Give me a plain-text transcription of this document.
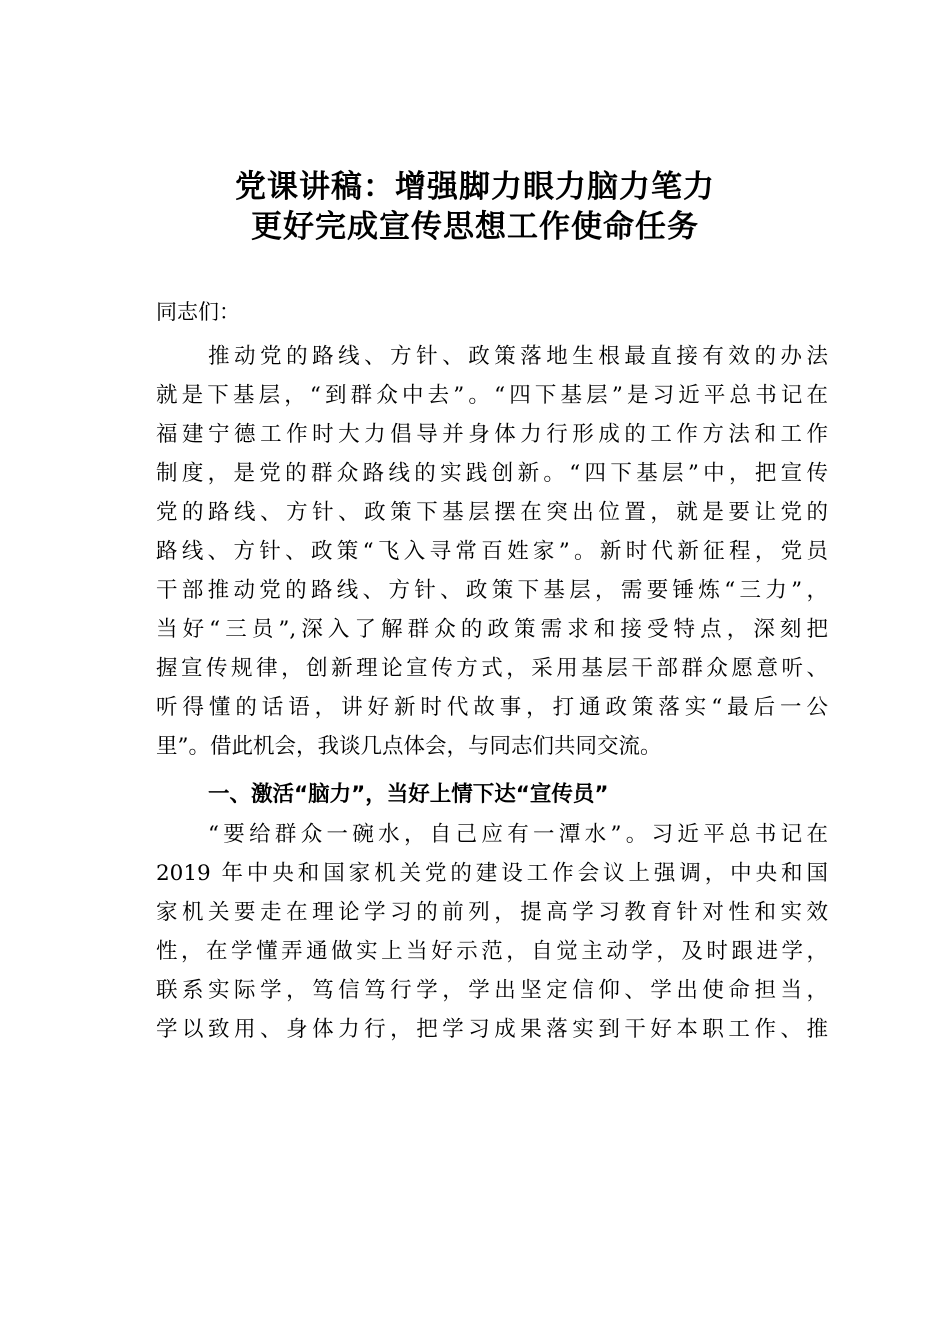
党课讲稿：增强脚力眼力脑力笔力
更好完成宣传思想工作使命任务
同志们：
推动党的路线、方针、政策落地生根最直接有效的办法
就是下基层，“到群众中去”。“四下基层”是习近平总书记在
福建宁德工作时大力倡导并身体力行形成的工作方法和工作
制度，是党的群众路线的实践创新。“四下基层”中，把宣传
党的路线、方针、政策下基层摆在突出位置，就是要让党的
路线、方针、政策“飞入寻常百姓家”。新时代新征程，党员
干部推动党的路线、方针、政策下基层，需要锤炼“三力”，
当好“三员”,深入了解群众的政策需求和接受特点，深刻把
握宣传规律，创新理论宣传方式，采用基层干部群众愿意听、
听得懂的话语，讲好新时代故事，打通政策落实“最后一公
里”。借此机会，我谈几点体会，与同志们共同交流。
一、激活“脑力”，当好上情下达“宣传员”
“要给群众一碗水，自己应有一潭水”。习近平总书记在
2019 年中央和国家机关党的建设工作会议上强调，中央和国
家机关要走在理论学习的前列，提高学习教育针对性和实效
性，在学懂弄通做实上当好示范，自觉主动学，及时跟进学，
联系实际学，笃信笃行学，学出坚定信仰、学出使命担当，
学以致用、身体力行，把学习成果落实到干好本职工作、推
